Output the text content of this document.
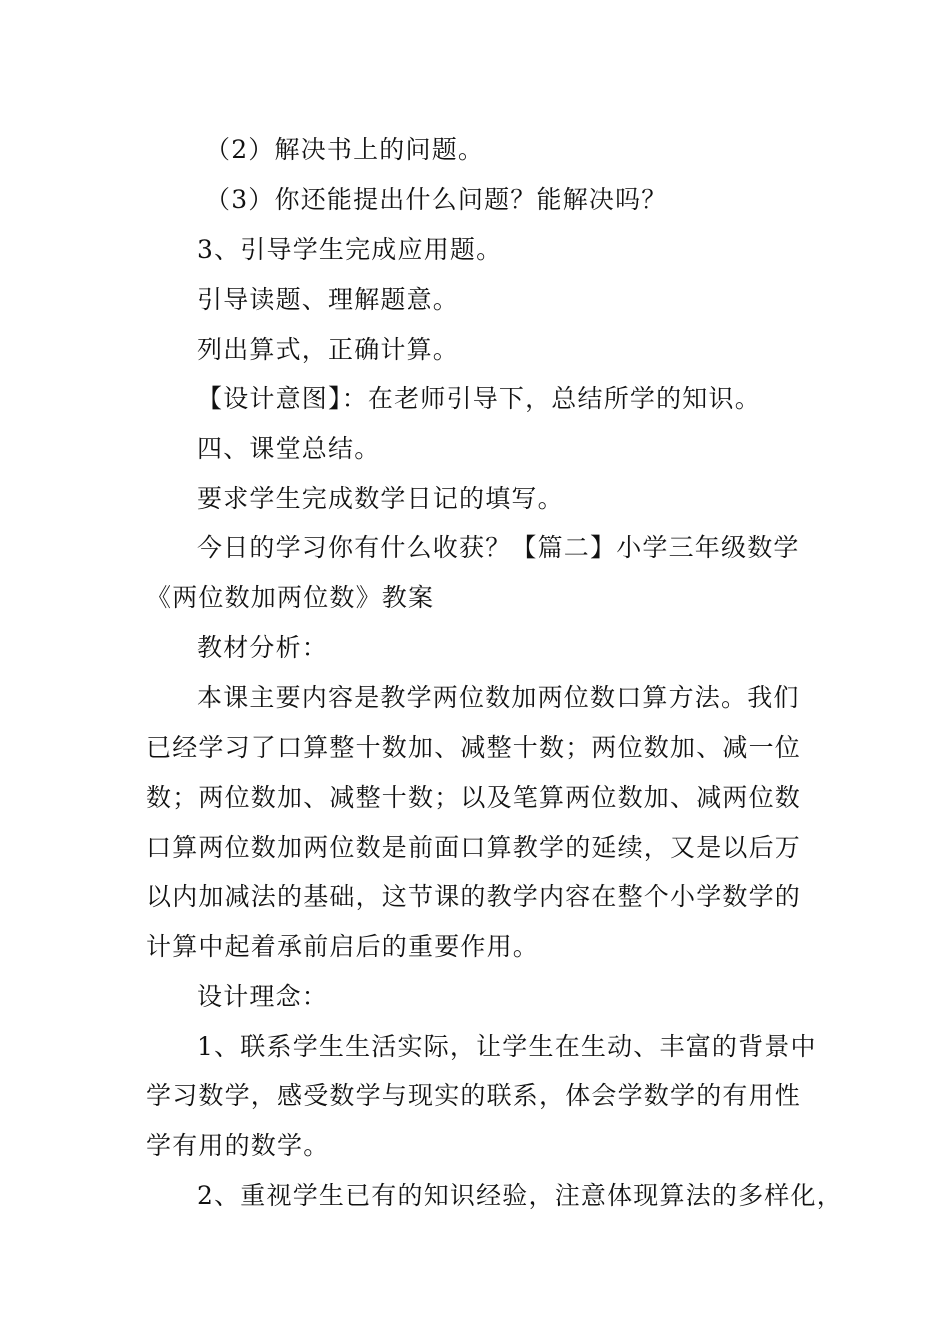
（2）解决书上的问题。
（3）你还能提出什么问题？能解决吗？
3、引导学生完成应用题。
引导读题、理解题意。
列出算式，正确计算。
【设计意图】：在老师引导下，总结所学的知识。
四、课堂总结。
要求学生完成数学日记的填写。
今日的学习你有什么收获？【篇二】小学三年级数学
《两位数加两位数》教案
教材分析：
本课主要内容是教学两位数加两位数口算方法。我们
已经学习了口算整十数加、减整十数；两位数加、减一位
数；两位数加、减整十数；以及笔算两位数加、减两位数
口算两位数加两位数是前面口算教学的延续，又是以后万
以内加减法的基础，这节课的教学内容在整个小学数学的
计算中起着承前启后的重要作用。
设计理念：
1、联系学生生活实际，让学生在生动、丰富的背景中
学习数学，感受数学与现实的联系，体会学数学的有用性
学有用的数学。
2、重视学生已有的知识经验，注意体现算法的多样化，
